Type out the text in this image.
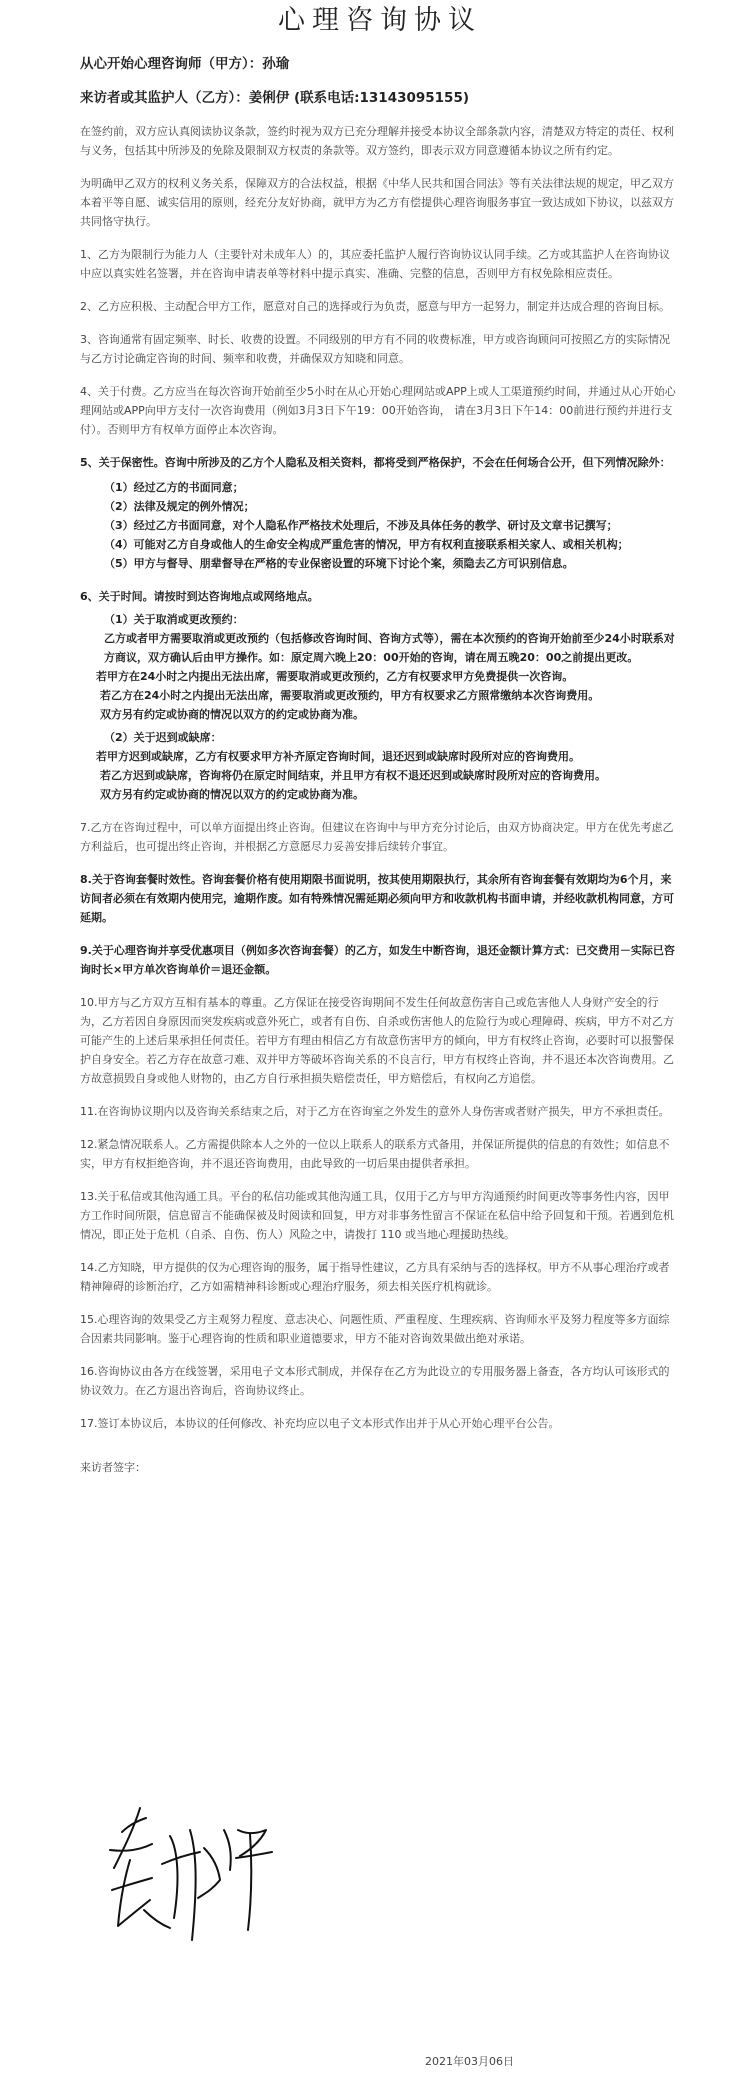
心理咨询协议

从心开始心理咨询师（甲方）：孙瑜

来访者或其监护人（乙方）：姜俐伊 (联系电话:13143095155)

在签约前，双方应认真阅读协议条款，签约时视为双方已充分理解并接受本协议全部条款内容，清楚双方特定的责任、权利与义务，包括其中所涉及的免除及限制双方权责的条款等。双方签约，即表示双方同意遵循本协议之所有约定。

为明确甲乙双方的权利义务关系，保障双方的合法权益，根据《中华人民共和国合同法》等有关法律法规的规定，甲乙双方本着平等自愿、诚实信用的原则，经充分友好协商，就甲方为乙方有偿提供心理咨询服务事宜一致达成如下协议，以兹双方共同恪守执行。

1、乙方为限制行为能力人（主要针对未成年人）的，其应委托监护人履行咨询协议认同手续。乙方或其监护人在咨询协议中应以真实姓名签署，并在咨询申请表单等材料中提示真实、准确、完整的信息，否则甲方有权免除相应责任。

2、乙方应积极、主动配合甲方工作，愿意对自己的选择或行为负责，愿意与甲方一起努力，制定并达成合理的咨询目标。

3、咨询通常有固定频率、时长、收费的设置。不同级别的甲方有不同的收费标准，甲方或咨询顾问可按照乙方的实际情况与乙方讨论确定咨询的时间、频率和收费，并确保双方知晓和同意。

4、关于付费。乙方应当在每次咨询开始前至少5小时在从心开始心理网站或APP上或人工渠道预约时间，并通过从心开始心理网站或APP向甲方支付一次咨询费用（例如3月3日下午19：00开始咨询， 请在3月3日下午14：00前进行预约并进行支付）。否则甲方有权单方面停止本次咨询。

5、关于保密性。咨询中所涉及的乙方个人隐私及相关资料，都将受到严格保护，不会在任何场合公开，但下列情况除外：

（1）经过乙方的书面同意；

（2）法律及规定的例外情况；

（3）经过乙方书面同意，对个人隐私作严格技术处理后，不涉及具体任务的教学、研讨及文章书记撰写；

（4）可能对乙方自身或他人的生命安全构成严重危害的情况，甲方有权利直接联系相关家人、或相关机构；

（5）甲方与督导、朋辈督导在严格的专业保密设置的环境下讨论个案，须隐去乙方可识别信息。

6、关于时间。请按时到达咨询地点或网络地点。

（1）关于取消或更改预约：

乙方或者甲方需要取消或更改预约（包括修改咨询时间、咨询方式等），需在本次预约的咨询开始前至少24小时联系对方商议，双方确认后由甲方操作。如：原定周六晚上20：00开始的咨询，请在周五晚20：00之前提出更改。

若甲方在24小时之内提出无法出席，需要取消或更改预约，乙方有权要求甲方免费提供一次咨询。

若乙方在24小时之内提出无法出席，需要取消或更改预约，甲方有权要求乙方照常缴纳本次咨询费用。

双方另有约定或协商的情况以双方的约定或协商为准。

（2）关于迟到或缺席：

若甲方迟到或缺席，乙方有权要求甲方补齐原定咨询时间，退还迟到或缺席时段所对应的咨询费用。

若乙方迟到或缺席，咨询将仍在原定时间结束，并且甲方有权不退还迟到或缺席时段所对应的咨询费用。

双方另有约定或协商的情况以双方的约定或协商为准。

7.乙方在咨询过程中，可以单方面提出终止咨询。但建议在咨询中与甲方充分讨论后，由双方协商决定。甲方在优先考虑乙方利益后，也可提出终止咨询，并根据乙方意愿尽力妥善安排后续转介事宜。

8.关于咨询套餐时效性。咨询套餐价格有使用期限书面说明，按其使用期限执行，其余所有咨询套餐有效期均为6个月，来访间者必须在有效期内使用完，逾期作废。如有特殊情况需延期必须向甲方和收款机构书面申请，并经收款机构同意，方可延期。

9.关于心理咨询并享受优惠项目（例如多次咨询套餐）的乙方，如发生中断咨询，退还金额计算方式：已交费用－实际已咨询时长×甲方单次咨询单价＝退还金额。

10.甲方与乙方双方互相有基本的尊重。乙方保证在接受咨询期间不发生任何故意伤害自己或危害他人人身财产安全的行为，乙方若因自身原因而突发疾病或意外死亡，或者有自伤、自杀或伤害他人的危险行为或心理障碍、疾病，甲方不对乙方可能产生的上述后果承担任何责任。若甲方有理由相信乙方有故意伤害甲方的倾向，甲方有权终止咨询，必要时可以报警保护自身安全。若乙方存在故意刁难、双并甲方等破坏咨询关系的不良言行，甲方有权终止咨询，并不退还本次咨询费用。乙方故意损毁自身或他人财物的，由乙方自行承担损失赔偿责任，甲方赔偿后，有权向乙方追偿。

11.在咨询协议期内以及咨询关系结束之后，对于乙方在咨询室之外发生的意外人身伤害或者财产损失，甲方不承担责任。

12.紧急情况联系人。乙方需提供除本人之外的一位以上联系人的联系方式备用，并保证所提供的信息的有效性；如信息不实，甲方有权拒绝咨询，并不退还咨询费用，由此导致的一切后果由提供者承担。

13.关于私信或其他沟通工具。平台的私信功能或其他沟通工具，仅用于乙方与甲方沟通预约时间更改等事务性内容，因甲方工作时间所限，信息留言不能确保被及时阅读和回复，甲方对非事务性留言不保证在私信中给予回复和干预。若遇到危机情况，即正处于危机（自杀、自伤、伤人）风险之中，请拨打 110 或当地心理援助热线。

14.乙方知晓，甲方提供的仅为心理咨询的服务，属于指导性建议，乙方具有采纳与否的选择权。甲方不从事心理治疗或者精神障碍的诊断治疗，乙方如需精神科诊断或心理治疗服务，须去相关医疗机构就诊。

15.心理咨询的效果受乙方主观努力程度、意志决心、问题性质、严重程度、生理疾病、咨询师水平及努力程度等多方面综合因素共同影响。鉴于心理咨询的性质和职业道德要求，甲方不能对咨询效果做出绝对承诺。

16.咨询协议由各方在线签署，采用电子文本形式制成，并保存在乙方为此设立的专用服务器上备查，各方均认可该形式的协议效力。在乙方退出咨询后，咨询协议终止。

17.签订本协议后，本协议的任何修改、补充均应以电子文本形式作出并于从心开始心理平台公告。

来访者签字：

2021年03月06日
